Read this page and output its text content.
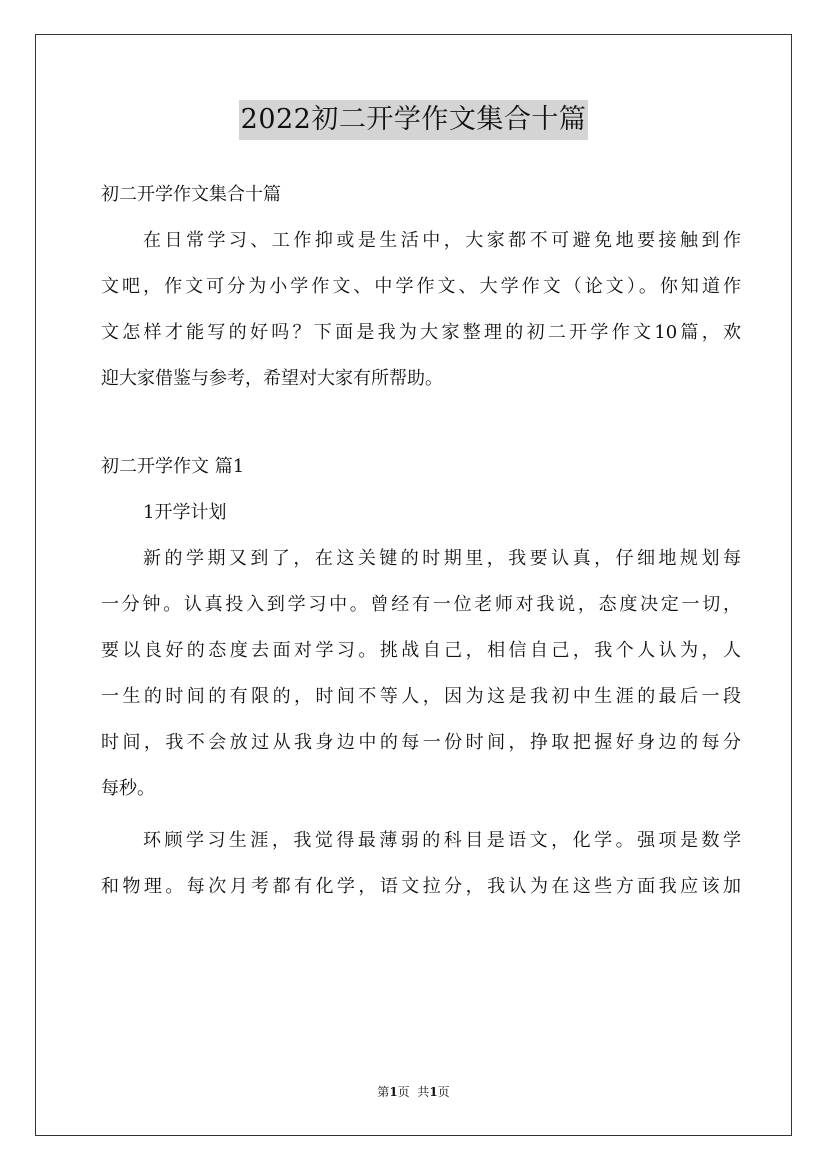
2022初二开学作文集合十篇

初二开学作文集合十篇

在日常学习、工作抑或是生活中，大家都不可避免地要接触到作

文吧，作文可分为小学作文、中学作文、大学作文（论文）。你知道作

文怎样才能写的好吗？下面是我为大家整理的初二开学作文10篇，欢

迎大家借鉴与参考，希望对大家有所帮助。

初二开学作文 篇1

1开学计划

新的学期又到了，在这关键的时期里，我要认真，仔细地规划每

一分钟。认真投入到学习中。曾经有一位老师对我说，态度决定一切，

要以良好的态度去面对学习。挑战自己，相信自己，我个人认为，人

一生的时间的有限的，时间不等人，因为这是我初中生涯的最后一段

时间，我不会放过从我身边中的每一份时间，挣取把握好身边的每分

每秒。

环顾学习生涯，我觉得最薄弱的科目是语文，化学。强项是数学

和物理。每次月考都有化学，语文拉分，我认为在这些方面我应该加

第1页  共1页
